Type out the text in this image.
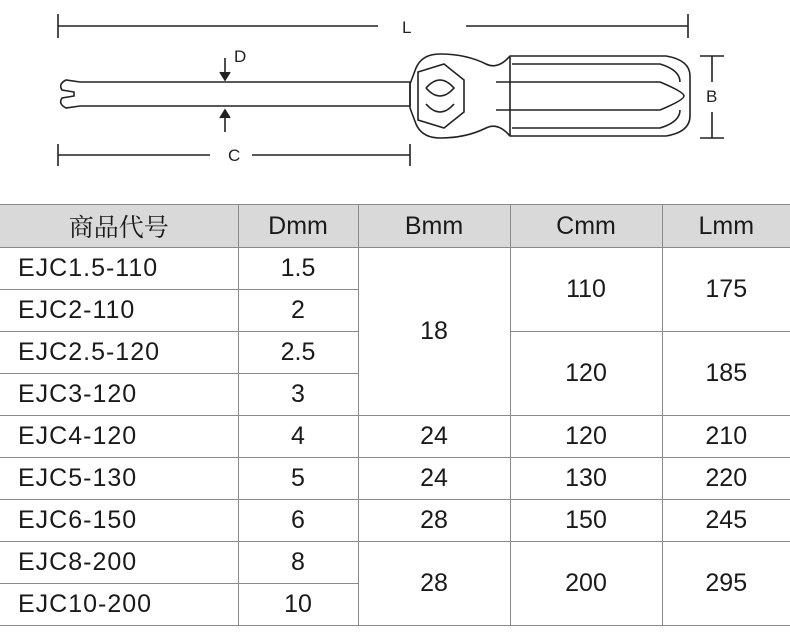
L
D
B
C
商品代号	Dmm	Bmm	Cmm	Lmm
EJC1.5-110	1.5	18	110	175
EJC2-110	2			
EJC2.5-120	2.5		120	185
EJC3-120	3			
EJC4-120	4	24	120	210
EJC5-130	5	24	130	220
EJC6-150	6	28	150	245
EJC8-200	8	28	200	295
EJC10-200	10			
